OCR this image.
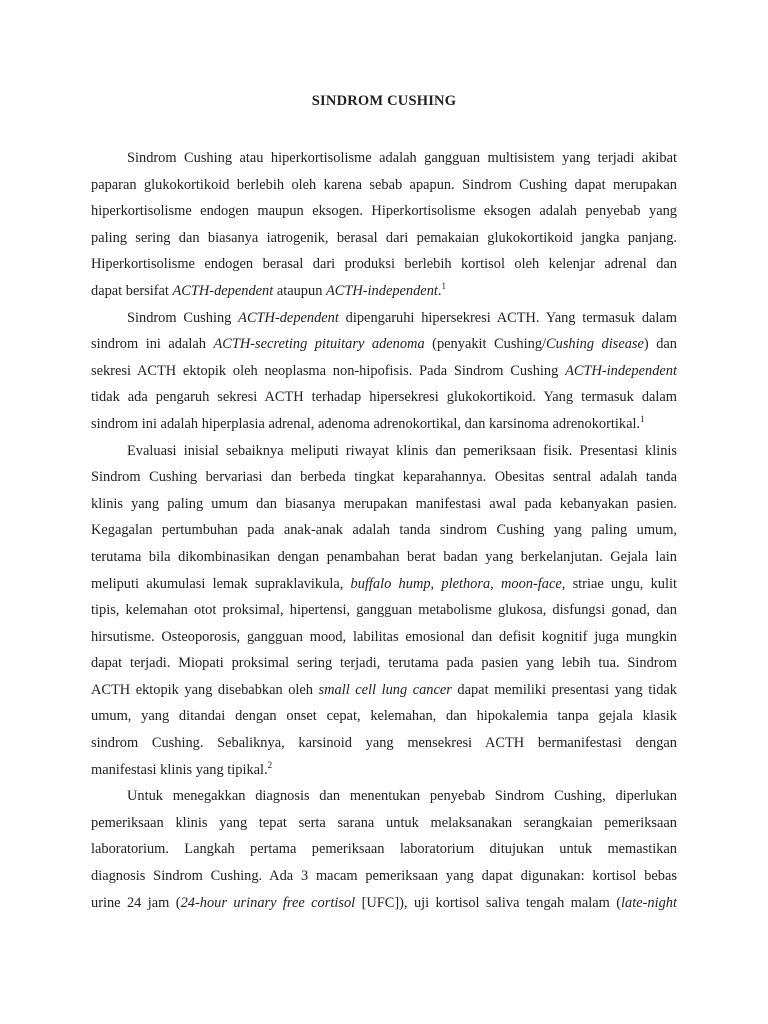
SINDROM CUSHING
Sindrom Cushing atau hiperkortisolisme adalah gangguan multisistem yang terjadi akibat
paparan glukokortikoid berlebih oleh karena sebab apapun. Sindrom Cushing dapat merupakan
hiperkortisolisme endogen maupun eksogen. Hiperkortisolisme eksogen adalah penyebab yang
paling sering dan biasanya iatrogenik, berasal dari pemakaian glukokortikoid jangka panjang.
Hiperkortisolisme endogen berasal dari produksi berlebih kortisol oleh kelenjar adrenal dan
dapat bersifat ACTH-dependent ataupun ACTH-independent.$^1$
Sindrom Cushing ACTH-dependent dipengaruhi hipersekresi ACTH. Yang termasuk dalam
sindrom ini adalah ACTH-secreting pituitary adenoma (penyakit Cushing/Cushing disease) dan
sekresi ACTH ektopik oleh neoplasma non-hipofisis. Pada Sindrom Cushing ACTH-independent
tidak ada pengaruh sekresi ACTH terhadap hipersekresi glukokortikoid. Yang termasuk dalam
sindrom ini adalah hiperplasia adrenal, adenoma adrenokortikal, dan karsinoma adrenokortikal.$^1$
Evaluasi inisial sebaiknya meliputi riwayat klinis dan pemeriksaan fisik. Presentasi klinis
Sindrom Cushing bervariasi dan berbeda tingkat keparahannya. Obesitas sentral adalah tanda
klinis yang paling umum dan biasanya merupakan manifestasi awal pada kebanyakan pasien.
Kegagalan pertumbuhan pada anak-anak adalah tanda sindrom Cushing yang paling umum,
terutama bila dikombinasikan dengan penambahan berat badan yang berkelanjutan. Gejala lain
meliputi akumulasi lemak supraklavikula, buffalo hump, plethora, moon-face, striae ungu, kulit
tipis, kelemahan otot proksimal, hipertensi, gangguan metabolisme glukosa, disfungsi gonad, dan
hirsutisme. Osteoporosis, gangguan mood, labilitas emosional dan defisit kognitif juga mungkin
dapat terjadi. Miopati proksimal sering terjadi, terutama pada pasien yang lebih tua. Sindrom
ACTH ektopik yang disebabkan oleh small cell lung cancer dapat memiliki presentasi yang tidak
umum, yang ditandai dengan onset cepat, kelemahan, dan hipokalemia tanpa gejala klasik
sindrom Cushing. Sebaliknya, karsinoid yang mensekresi ACTH bermanifestasi dengan
manifestasi klinis yang tipikal.$^2$
Untuk menegakkan diagnosis dan menentukan penyebab Sindrom Cushing, diperlukan
pemeriksaan klinis yang tepat serta sarana untuk melaksanakan serangkaian pemeriksaan
laboratorium. Langkah pertama pemeriksaan laboratorium ditujukan untuk memastikan
diagnosis Sindrom Cushing. Ada 3 macam pemeriksaan yang dapat digunakan: kortisol bebas
urine 24 jam (24-hour urinary free cortisol [UFC]), uji kortisol saliva tengah malam (late-night
